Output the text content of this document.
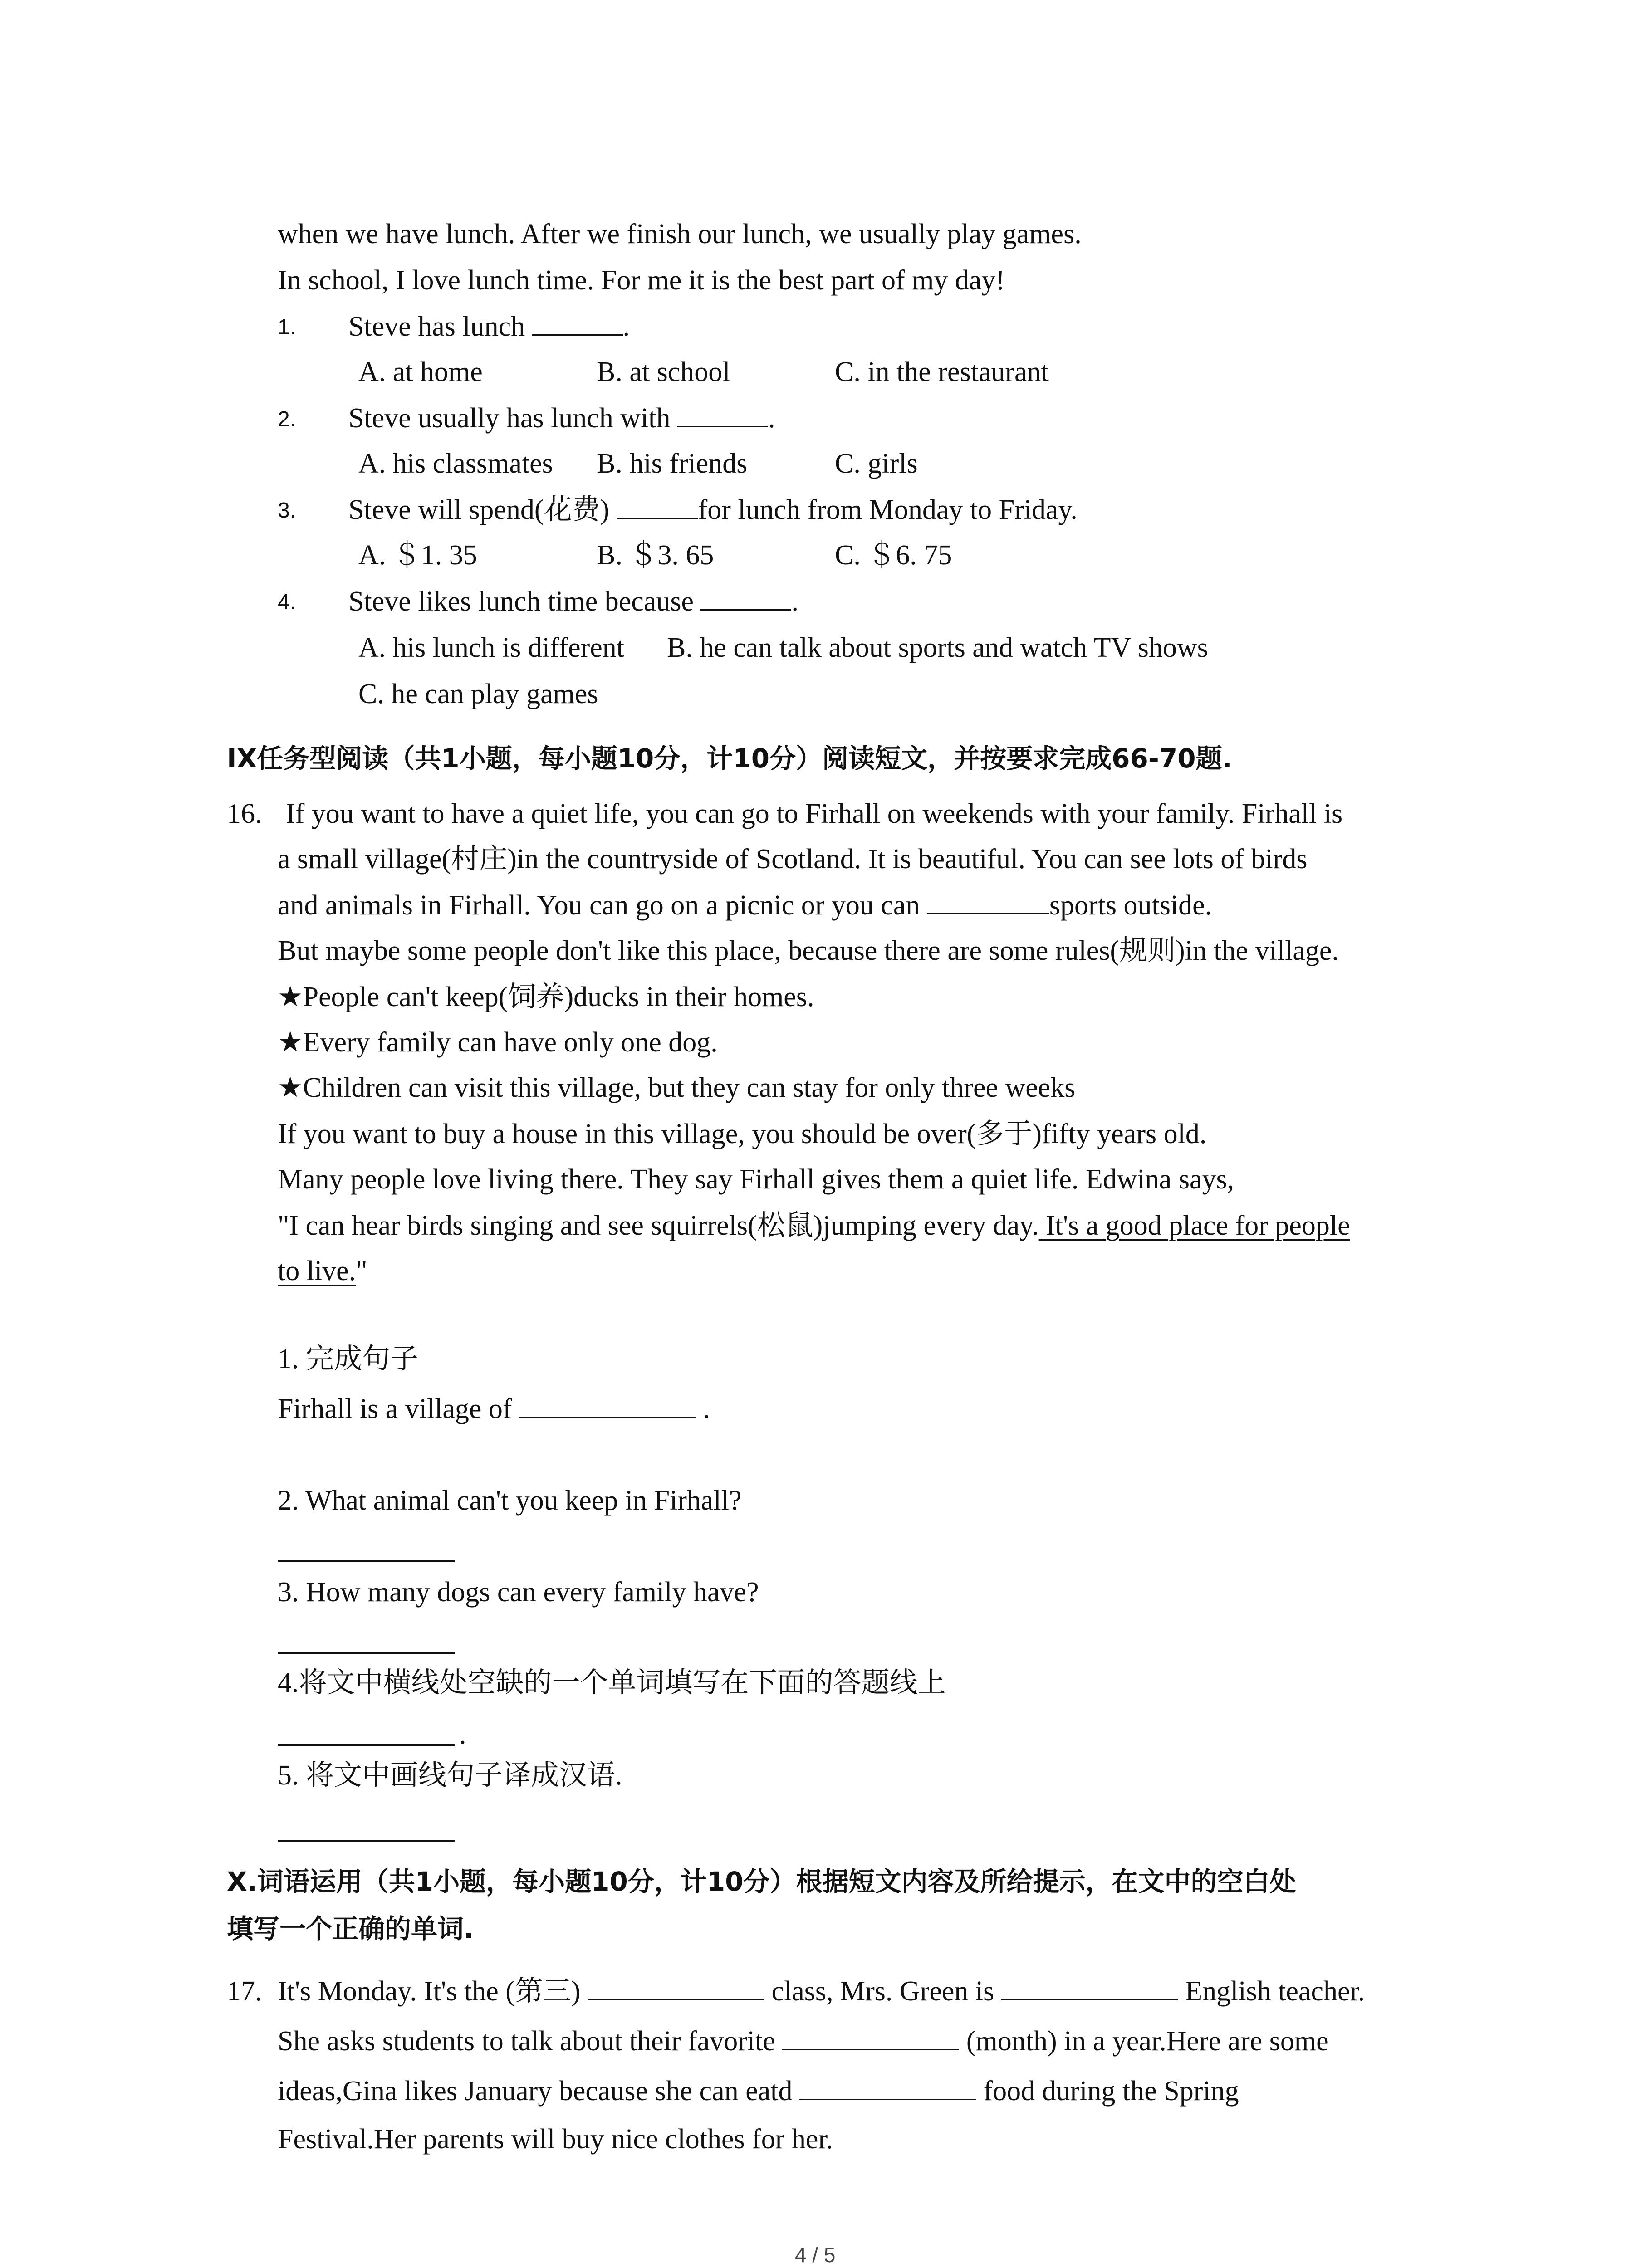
when we have lunch. After we finish our lunch, we usually play games.
In school, I love lunch time. For me it is the best part of my day!
1. Steve has lunch	.
A. at home	B. at school	C. in the restaurant
2. Steve usually has lunch with	.
A. his classmates B. his friends	C. girls
3. Steve will spend(花费)	for lunch from Monday to Friday.
A. ＄1. 35	B. ＄3. 65	C. ＄6. 75
4. Steve likes lunch time because	.
A. his lunch is different B. he can talk about sports and watch TV shows
C. he can play games
IX任务型阅读（共1小题，每小题10分，计10分）阅读短文，并按要求完成66-70题.
16. If you want to have a quiet life, you can go to Firhall on weekends with your family. Firhall is
a small village(村庄)in the countryside of Scotland. It is beautiful. You can see lots of birds
and animals in Firhall. You can go on a picnic or you can	sports outside.
But maybe some people don't like this place, because there are some rules(规则)in the village.
★People can't keep(饲养)ducks in their homes.
★Every family can have only one dog.
★Children can visit this village, but they can stay for only three weeks
If you want to buy a house in this village, you should be over(多于)fifty years old.
Many people love living there. They say Firhall gives them a quiet life. Edwina says,
"I can hear birds singing and see squirrels(松鼠)jumping every day. It's a good place for people
to live."
1. 完成句子
Firhall is a village of	.
2. What animal can't you keep in Firhall?
3. How many dogs can every family have?
4.将文中横线处空缺的一个单词填写在下面的答题线上
.
5. 将文中画线句子译成汉语.
X.词语运用（共1小题，每小题10分，计10分）根据短文内容及所给提示，在文中的空白处
填写一个正确的单词.
17. It's Monday. It's the (第三)	class, Mrs. Green is	English teacher.
She asks students to talk about their favorite	(month) in a year.Here are some
ideas,Gina likes January because she can eatd	food during the Spring
Festival.Her parents will buy nice clothes for her.
4 / 5
